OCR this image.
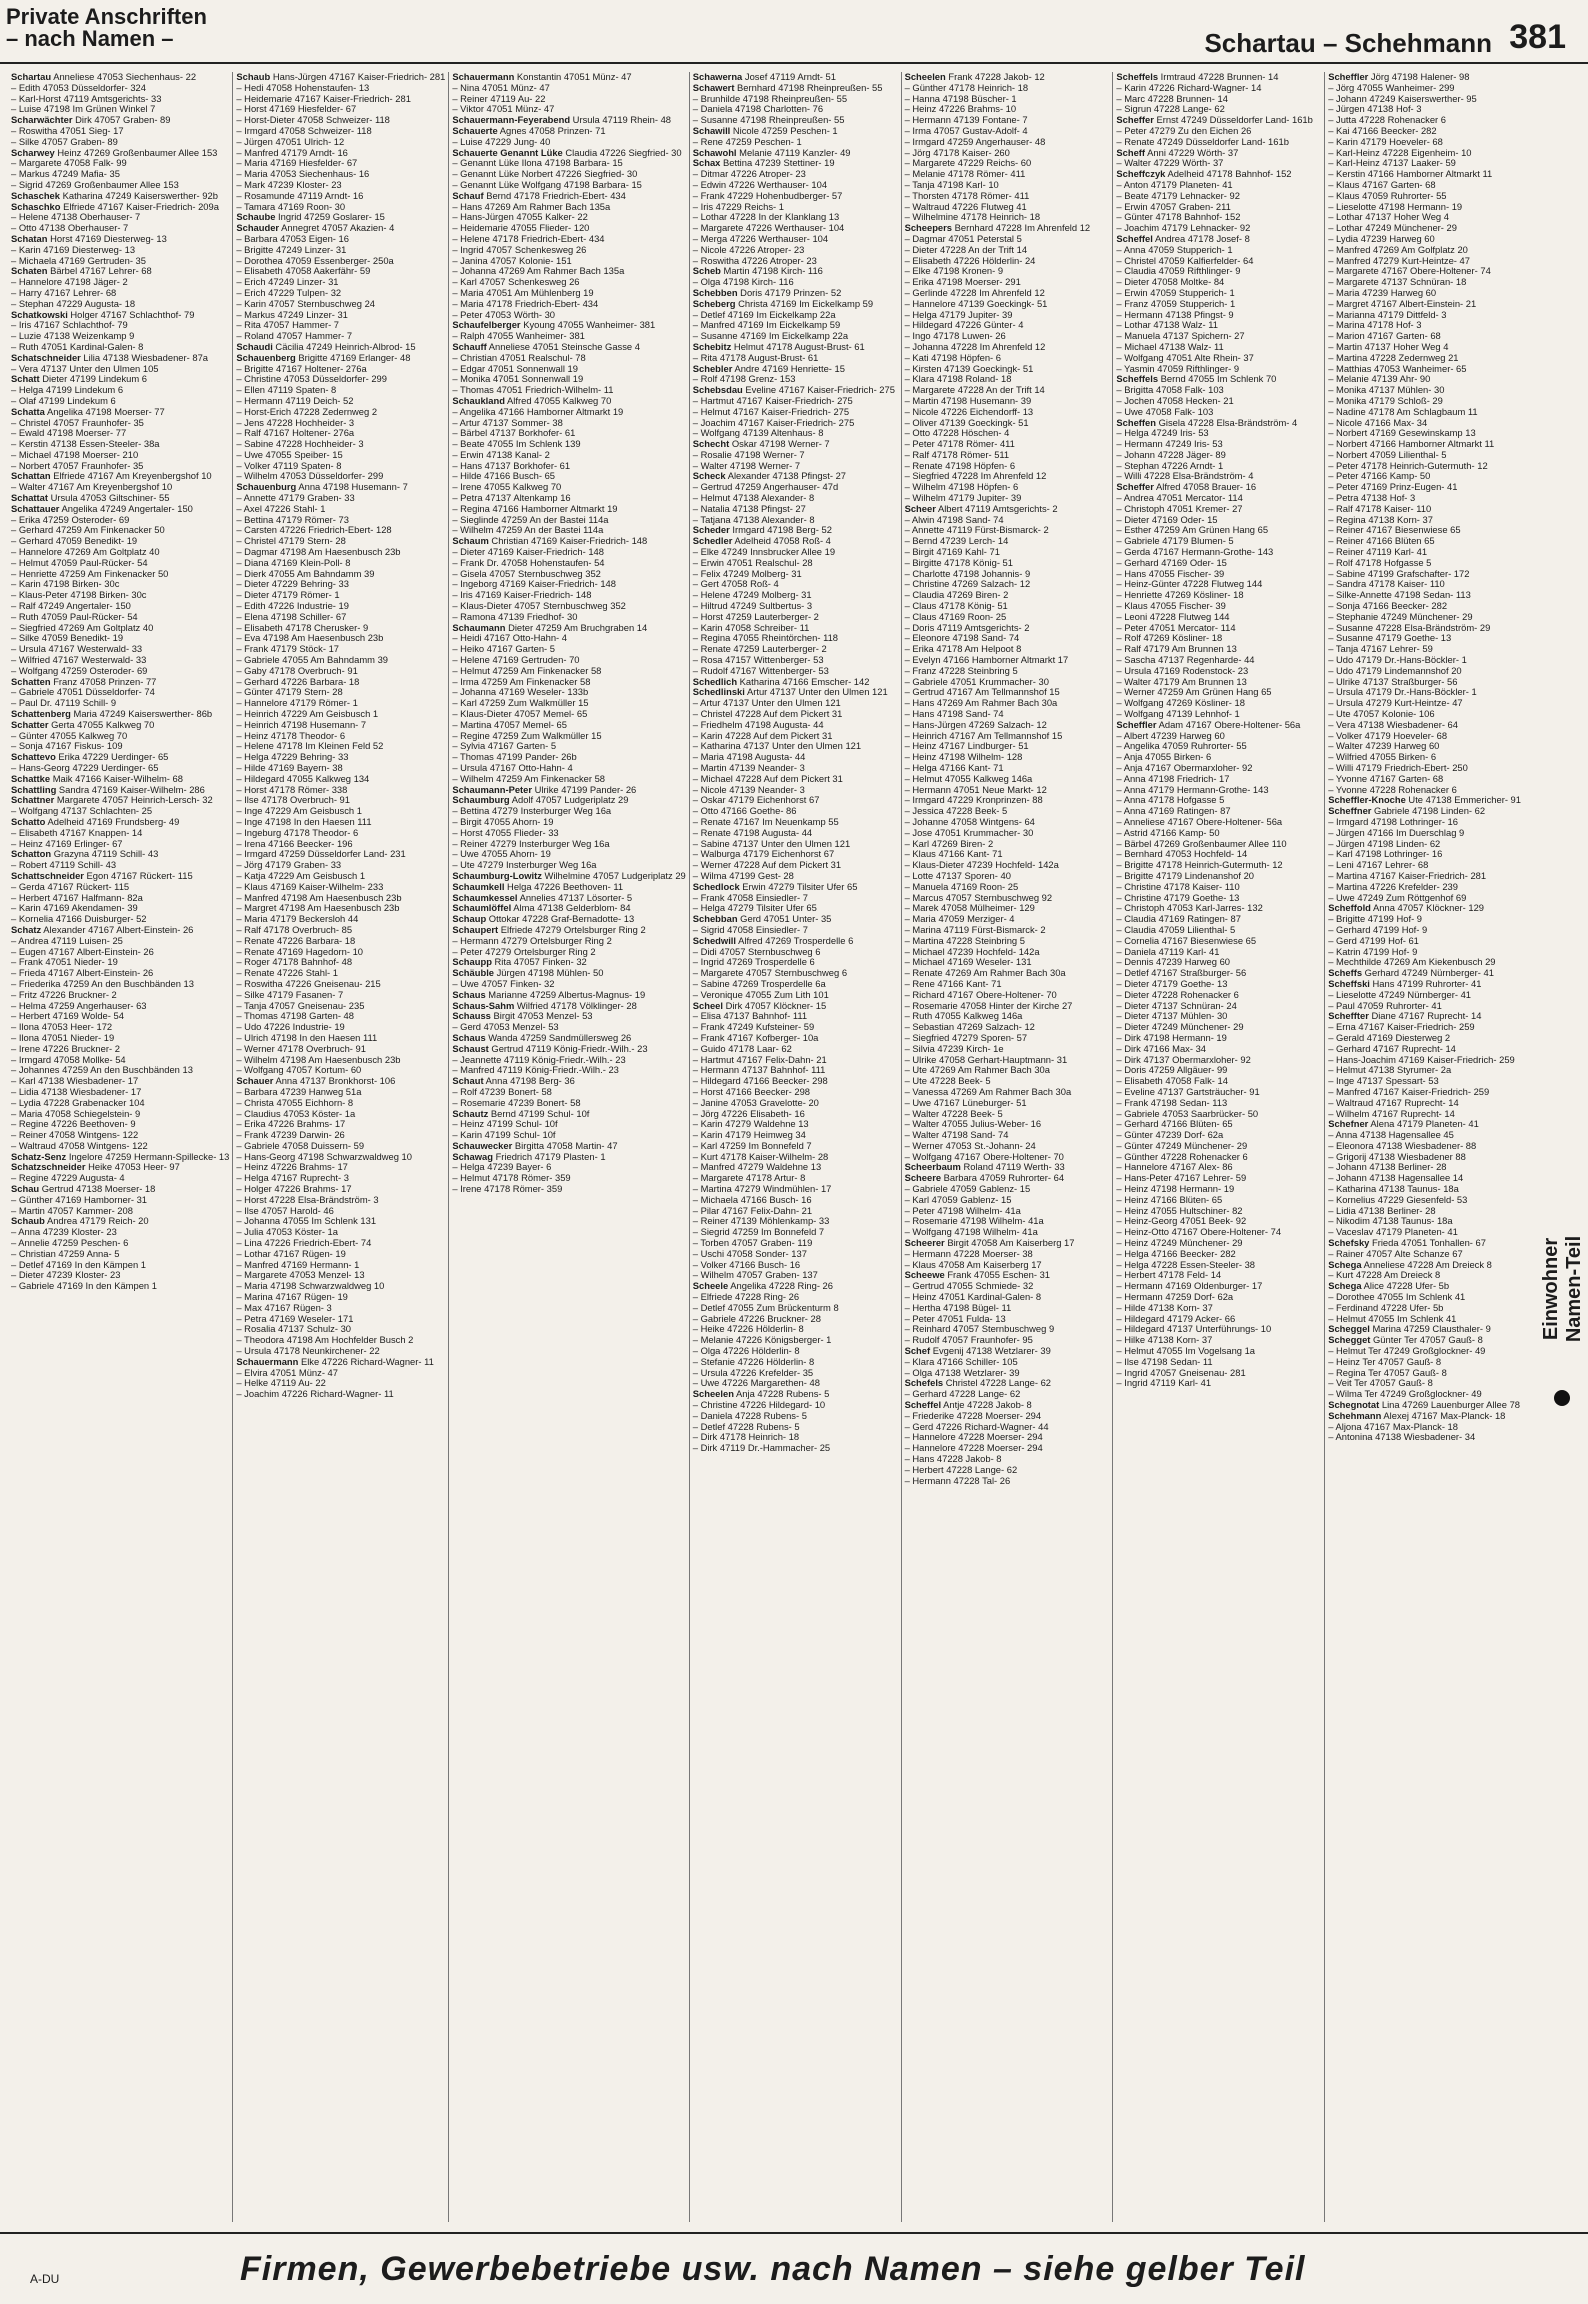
Private Anschriften
– nach Namen –	Schartau – Schehmann 381
Schartau Anneliese 47053 Siechenhaus- 22
– Edith 47053 Düsseldorfer- 324
– Karl-Horst 47119 Amtsgerichts- 33
– Luise 47198 Im Grünen Winkel 7
Scharwächter Dirk 47057 Graben- 89
– Roswitha 47051 Sieg- 17
– Silke 47057 Graben- 89
Scharwey Heinz 47269 Großenbaumer Allee 153
– Margarete 47058 Falk- 99
– Markus 47249 Mafia- 35
– Sigrid 47269 Großenbaumer Allee 153
Schaschek Katharina 47249 Kaiserswerther- 92b
Schaschko Elfriede 47167 Kaiser-Friedrich- 209a
– Helene 47138 Oberhauser- 7
– Otto 47138 Oberhauser- 7
Schatan Horst 47169 Diesterweg- 13
– Karin 47169 Diesterweg- 13
– Michaela 47169 Gertruden- 35
Schaten Bärbel 47167 Lehrer- 68
– Hannelore 47198 Jäger- 2
– Harry 47167 Lehrer- 68
– Stephan 47229 Augusta- 18
Schatkowski Holger 47167 Schlachthof- 79
– Iris 47167 Schlachthof- 79
– Luzie 47138 Weizenkamp 9
– Ruth 47051 Kardinal-Galen- 8
Schatschneider Lilia 47138 Wiesbadener- 87a
– Vera 47137 Unter den Ulmen 105
Schatt Dieter 47199 Lindekum 6
– Helga 47199 Lindekum 6
– Olaf 47199 Lindekum 6
Schatta Angelika 47198 Moerser- 77
– Christel 47057 Fraunhofer- 35
– Ewald 47198 Moerser- 77
– Kerstin 47138 Essen-Steeler- 38a
– Michael 47198 Moerser- 210
– Norbert 47057 Fraunhofer- 35
Schattan Elfriede 47167 Am Kreyenbergshof 10
– Walter 47167 Am Kreyenbergshof 10
Schattat Ursula 47053 Giltschiner- 55
Schattauer Angelika 47249 Angertaler- 150
– Erika 47259 Osteroder- 69
– Gerhard 47259 Am Finkenacker 50
– Gerhard 47059 Benedikt- 19
– Hannelore 47269 Am Goltplatz 40
– Helmut 47059 Paul-Rücker- 54
– Henriette 47259 Am Finkenacker 50
– Karin 47198 Birken- 30c
– Klaus-Peter 47198 Birken- 30c
– Ralf 47249 Angertaler- 150
– Ruth 47059 Paul-Rücker- 54
– Siegfried 47269 Am Goltplatz 40
– Silke 47059 Benedikt- 19
– Ursula 47167 Westerwald- 33
– Wilfried 47167 Westerwald- 33
– Wolfgang 47259 Osteroder- 69
Schatten Franz 47058 Prinzen- 77
– Gabriele 47051 Düsseldorfer- 74
– Paul Dr. 47119 Schill- 9
Schattenberg Maria 47249 Kaiserswerther- 86b
Schatter Gerta 47055 Kalkweg 70
– Günter 47055 Kalkweg 70
– Sonja 47167 Fiskus- 109
Schattevo Erika 47229 Uerdinger- 65
– Hans-Georg 47229 Uerdinger- 65
Schattke Maik 47166 Kaiser-Wilhelm- 68
Schattling Sandra 47169 Kaiser-Wilhelm- 286
Schattner Margarete 47057 Heinrich-Lersch- 32
– Wolfgang 47137 Schlachten- 25
Schatto Adelheid 47169 Frundsberg- 49
– Elisabeth 47167 Knappen- 14
– Heinz 47169 Erlinger- 67
Schatton Grazyna 47119 Schill- 43
– Robert 47119 Schill- 43
Schattschneider Egon 47167 Rückert- 115
– Gerda 47167 Rückert- 115
– Herbert 47167 Halfmann- 82a
– Karin 47169 Akendamen- 39
– Kornelia 47166 Duisburger- 52
Schatz Alexander 47167 Albert-Einstein- 26
– Andrea 47119 Luisen- 25
– Eugen 47167 Albert-Einstein- 26
– Frank 47051 Nieder- 19
– Frieda 47167 Albert-Einstein- 26
– Friederika 47259 An den Buschbänden 13
– Fritz 47226 Bruckner- 2
– Helma 47259 Angerhauser- 63
– Herbert 47169 Wolde- 54
– Ilona 47053 Heer- 172
– Ilona 47051 Nieder- 19
– Irene 47226 Bruckner- 2
– Irmgard 47058 Mollke- 54
– Johannes 47259 An den Buschbänden 13
– Karl 47138 Wiesbadener- 17
– Lidia 47138 Wiesbadener- 17
– Lydia 47228 Grabenacker 104
– Maria 47058 Schiegelstein- 9
– Regine 47226 Beethoven- 9
– Reiner 47058 Wintgens- 122
– Waltraud 47058 Wintgens- 122
Schatz-Senz Ingelore 47259 Hermann-Spillecke- 13
Schatzschneider Heike 47053 Heer- 97
– Regine 47229 Augusta- 4
Schau Gertrud 47138 Moerser- 18
– Günther 47169 Hamborner- 31
– Martin 47057 Kammer- 208
Schaub Andrea 47179 Reich- 20
– Anna 47239 Kloster- 23
– Annelie 47259 Peschen- 6
– Christian 47259 Anna- 5
– Detlef 47169 In den Kämpen 1
– Dieter 47239 Kloster- 23
– Gabriele 47169 In den Kämpen 1
Schaub Hans-Jürgen 47167 Kaiser-Friedrich- 281
– Hedi 47058 Hohenstaufen- 13
– Heidemarie 47167 Kaiser-Friedrich- 281
– Horst 47169 Hiesfelder- 67
– Horst-Dieter 47058 Schweizer- 118
– Irmgard 47058 Schweizer- 118
– Jürgen 47051 Ulrich- 12
– Manfred 47179 Arndt- 16
– Maria 47169 Hiesfelder- 67
– Maria 47053 Siechenhaus- 16
– Mark 47239 Kloster- 23
– Rosamunde 47119 Arndt- 16
– Tamara 47169 Roon- 30
Schaube Ingrid 47259 Goslarer- 15
Schauder Annegret 47057 Akazien- 4
– Barbara 47053 Eigen- 16
– Brigitte 47249 Linzer- 31
– Dorothea 47059 Essenberger- 250a
– Elisabeth 47058 Aakerfähr- 59
– Erich 47249 Linzer- 31
– Erich 47229 Tulpen- 32
– Karin 47057 Sternbuschweg 24
– Markus 47249 Linzer- 31
– Rita 47057 Hammer- 7
– Roland 47057 Hammer- 7
Schaudi Cäcilia 47249 Heinrich-Albrod- 15
Schauenberg Brigitte 47169 Erlanger- 48
– Brigitte 47167 Holtener- 276a
– Christine 47053 Düsseldorfer- 299
– Ellen 47119 Spaten- 8
– Hermann 47119 Deich- 52
– Horst-Erich 47228 Zedernweg 2
– Jens 47228 Hochheider- 3
– Ralf 47167 Holtener- 276a
– Sabine 47228 Hochheider- 3
– Uwe 47055 Speiber- 15
– Volker 47119 Spaten- 8
– Wilhelm 47053 Düsseldorfer- 299
Schauenburg Anna 47198 Husemann- 7
– Annette 47179 Graben- 33
– Axel 47226 Stahl- 1
– Bettina 47179 Römer- 73
– Carsten 47226 Friedrich-Ebert- 128
– Christel 47179 Stern- 28
– Dagmar 47198 Am Haesenbusch 23b
– Diana 47169 Klein-Poll- 8
– Dierk 47055 Am Bahndamm 39
– Dieter 47229 Behring- 33
– Dieter 47179 Römer- 1
– Edith 47226 Industrie- 19
– Elena 47198 Schiller- 67
– Elisabeth 47178 Cherusker- 9
– Eva 47198 Am Haesenbusch 23b
– Frank 47179 Stöck- 17
– Gabriele 47055 Am Bahndamm 39
– Gaby 47178 Overbruch- 91
– Gerhard 47226 Barbara- 18
– Günter 47179 Stern- 28
– Hannelore 47179 Römer- 1
– Heinrich 47229 Am Geisbusch 1
– Heinrich 47198 Husemann- 7
– Heinz 47178 Theodor- 6
– Helene 47178 Im Kleinen Feld 52
– Helga 47229 Behring- 33
– Hilde 47169 Bayern- 38
– Hildegard 47055 Kalkweg 134
– Horst 47178 Römer- 338
– Ilse 47178 Overbruch- 91
– Inge 47229 Am Geisbusch 1
– Inge 47198 In den Haesen 111
– Ingeburg 47178 Theodor- 6
– Irena 47166 Beecker- 196
– Irmgard 47259 Düsseldorfer Land- 231
– Jörg 47179 Graben- 33
– Katja 47229 Am Geisbusch 1
– Klaus 47169 Kaiser-Wilhelm- 233
– Manfred 47198 Am Haesenbusch 23b
– Margret 47198 Am Haesenbusch 23b
– Maria 47179 Beckersloh 44
– Ralf 47178 Overbruch- 85
– Renate 47226 Barbara- 18
– Renate 47169 Hagedorn- 10
– Roger 47178 Bahnhof- 48
– Renate 47226 Stahl- 1
– Roswitha 47226 Gneisenau- 215
– Silke 47179 Fasanen- 7
– Tanja 47057 Gneisenau- 235
– Thomas 47198 Garten- 48
– Udo 47226 Industrie- 19
– Ulrich 47198 In den Haesen 111
– Werner 47178 Overbruch- 91
– Wilhelm 47198 Am Haesenbusch 23b
– Wolfgang 47057 Kortum- 60
Schauer Anna 47137 Bronkhorst- 106
– Barbara 47239 Hanweg 51a
– Christa 47055 Eichhorn- 8
– Claudius 47053 Köster- 1a
– Erika 47226 Brahms- 17
– Frank 47239 Darwin- 26
– Gabriele 47058 Duissern- 59
– Hans-Georg 47198 Schwarzwaldweg 10
– Heinz 47226 Brahms- 17
– Helga 47167 Ruprecht- 3
– Holger 47226 Brahms- 17
– Horst 47228 Elsa-Brändström- 3
– Ilse 47057 Harold- 46
– Johanna 47055 Im Schlenk 131
– Julia 47053 Köster- 1a
– Lina 47226 Friedrich-Ebert- 74
– Lothar 47167 Rügen- 19
– Manfred 47169 Hermann- 1
– Margarete 47053 Menzel- 13
– Maria 47198 Schwarzwaldweg 10
– Marina 47167 Rügen- 19
– Max 47167 Rügen- 3
– Petra 47169 Weseler- 171
– Rosalia 47137 Schulz- 30
– Theodora 47198 Am Hochfelder Busch 2
– Ursula 47178 Neunkirchener- 22
Schauermann Elke 47226 Richard-Wagner- 11
– Elvira 47051 Münz- 47
– Helke 47119 Au- 22
– Joachim 47226 Richard-Wagner- 11
Schauermann Konstantin 47051 Münz- 47
– Nina 47051 Münz- 47
– Reiner 47119 Au- 22
– Viktor 47051 Münz- 47
Schauermann-Feyerabend Ursula 47119 Rhein- 48
Schauerte Agnes 47058 Prinzen- 71
– Luise 47229 Jung- 40
Schauerte Genannt Lüke Claudia 47226 Siegfried- 30
– Genannt Lüke Ilona 47198 Barbara- 15
– Genannt Lüke Norbert 47226 Siegfried- 30
– Genannt Lüke Wolfgang 47198 Barbara- 15
Schauf Bernd 47178 Friedrich-Ebert- 434
– Hans 47269 Am Rahmer Bach 135a
– Hans-Jürgen 47055 Kalker- 22
– Heidemarie 47055 Flieder- 120
– Helene 47178 Friedrich-Ebert- 434
– Ingrid 47057 Schenkesweg 26
– Janina 47057 Kolonie- 151
– Johanna 47269 Am Rahmer Bach 135a
– Karl 47057 Schenkesweg 26
– Maria 47051 Am Mühlenberg 19
– Maria 47178 Friedrich-Ebert- 434
– Peter 47053 Wörth- 30
Schaufelberger Kyoung 47055 Wanheimer- 381
– Ralph 47055 Wanheimer- 381
Schauff Anneliese 47051 Steinsche Gasse 4
– Christian 47051 Realschul- 78
– Edgar 47051 Sonnenwall 19
– Monika 47051 Sonnenwall 19
– Thomas 47051 Friedrich-Wilhelm- 11
Schaukland Alfred 47055 Kalkweg 70
– Angelika 47166 Hamborner Altmarkt 19
– Artur 47137 Sommer- 38
– Bärbel 47137 Borkhofer- 61
– Beate 47055 Im Schlenk 139
– Erwin 47138 Kanal- 2
– Hans 47137 Borkhofer- 61
– Hilde 47166 Busch- 65
– Irene 47055 Kalkweg 70
– Petra 47137 Altenkamp 16
– Regina 47166 Hamborner Altmarkt 19
– Sieglinde 47259 An der Bastei 114a
– Wilhelm 47259 An der Bastei 114a
Schaum Christian 47169 Kaiser-Friedrich- 148
– Dieter 47169 Kaiser-Friedrich- 148
– Frank Dr. 47058 Hohenstaufen- 54
– Gisela 47057 Sternbuschweg 352
– Ingeborg 47169 Kaiser-Friedrich- 148
– Iris 47169 Kaiser-Friedrich- 148
– Klaus-Dieter 47057 Sternbuschweg 352
– Ramona 47139 Friedhof- 30
Schaumann Dieter 47259 Am Bruchgraben 14
– Heidi 47167 Otto-Hahn- 4
– Heiko 47167 Garten- 5
– Helene 47169 Gertruden- 70
– Helmut 47259 Am Finkenacker 58
– Irma 47259 Am Finkenacker 58
– Johanna 47169 Weseler- 133b
– Karl 47259 Zum Walkmüller 15
– Klaus-Dieter 47057 Memel- 65
– Martina 47057 Memel- 65
– Regine 47259 Zum Walkmüller 15
– Sylvia 47167 Garten- 5
– Thomas 47199 Pander- 26b
– Ursula 47167 Otto-Hahn- 4
– Wilhelm 47259 Am Finkenacker 58
Schaumann-Peter Ulrike 47199 Pander- 26
Schaumburg Adolf 47057 Ludgeriplatz 29
– Bettina 47279 Insterburger Weg 16a
– Birgit 47055 Ahorn- 19
– Horst 47055 Flieder- 33
– Reiner 47279 Insterburger Weg 16a
– Uwe 47055 Ahorn- 19
– Ute 47279 Insterburger Weg 16a
Schaumburg-Lowitz Wilhelmine 47057 Ludgeriplatz 29
Schaumkell Helga 47226 Beethoven- 11
Schaumkessel Annelies 47137 Lösorter- 5
Schaumlöffel Alma 47138 Gelderblom- 84
Schaup Ottokar 47228 Graf-Bernadotte- 13
Schaupert Elfriede 47279 Ortelsburger Ring 2
– Hermann 47279 Ortelsburger Ring 2
– Peter 47279 Ortelsburger Ring 2
Schaupp Rita 47057 Finken- 32
Schäuble Jürgen 47198 Mühlen- 50
– Uwe 47057 Finken- 32
Schaus Marianne 47259 Albertus-Magnus- 19
Schaus-Sahm Wilfried 47178 Völklinger- 28
Schauss Birgit 47053 Menzel- 53
– Gerd 47053 Menzel- 53
Schaus Wanda 47259 Sandmüllersweg 26
Schaust Gertrud 47119 König-Friedr.-Wilh.- 23
– Jeannette 47119 König-Friedr.-Wilh.- 23
– Manfred 47119 König-Friedr.-Wilh.- 23
Schaut Anna 47198 Berg- 36
– Rolf 47239 Bonert- 58
– Rosemarie 47239 Bonert- 58
Schautz Bernd 47199 Schul- 10f
– Heinz 47199 Schul- 10f
– Karin 47199 Schul- 10f
Schauwecker Birgitta 47058 Martin- 47
Schawag Friedrich 47179 Plasten- 1
– Helga 47239 Bayer- 6
– Helmut 47178 Römer- 359
– Irene 47178 Römer- 359
Schawerna Josef 47119 Arndt- 51
Schawert Bernhard 47198 Rheinpreußen- 55
– Brunhilde 47198 Rheinpreußen- 55
– Daniela 47198 Charlotten- 76
– Susanne 47198 Rheinpreußen- 55
Schawill Nicole 47259 Peschen- 1
– Rene 47259 Peschen- 1
Schawohl Melanie 47119 Kanzler- 49
Schax Bettina 47239 Stettiner- 19
– Ditmar 47226 Atroper- 23
– Edwin 47226 Werthauser- 104
– Frank 47229 Hohenbudberger- 57
– Iris 47229 Reichs- 1
– Lothar 47228 In der Klanklang 13
– Margarete 47226 Werthauser- 104
– Merga 47226 Werthauser- 104
– Nicole 47226 Atroper- 23
– Roswitha 47226 Atroper- 23
Scheb Martin 47198 Kirch- 116
– Olga 47198 Kirch- 116
Schebben Doris 47179 Prinzen- 52
Scheberg Christa 47169 Im Eickelkamp 59
– Detlef 47169 Im Eickelkamp 22a
– Manfred 47169 Im Eickelkamp 59
– Susanne 47169 Im Eickelkamp 22a
Schebitz Helmut 47178 August-Brust- 61
– Rita 47178 August-Brust- 61
Schebler Andre 47169 Henriette- 15
– Rolf 47198 Grenz- 153
Schebsdau Eveline 47167 Kaiser-Friedrich- 275
– Hartmut 47167 Kaiser-Friedrich- 275
– Helmut 47167 Kaiser-Friedrich- 275
– Joachim 47167 Kaiser-Friedrich- 275
– Wolfgang 47139 Altenhaus- 8
Schecht Oskar 47198 Werner- 7
– Rosalie 47198 Werner- 7
– Walter 47198 Werner- 7
Scheck Alexander 47138 Pfingst- 27
– Gertrud 47259 Angerhauser- 47d
– Helmut 47138 Alexander- 8
– Natalia 47138 Pfingst- 27
– Tatjana 47138 Alexander- 8
Scheder Irmgard 47198 Berg- 52
Schedler Adelheid 47058 Roß- 4
– Elke 47249 Innsbrucker Allee 19
– Erwin 47051 Realschul- 28
– Felix 47249 Molberg- 31
– Gert 47058 Roß- 4
– Helene 47249 Molberg- 31
– Hiltrud 47249 Sultbertus- 3
– Horst 47259 Lauterberger- 2
– Karin 47058 Schreiber- 11
– Regina 47055 Rheintörchen- 118
– Renate 47259 Lauterberger- 2
– Rosa 47157 Wittenberger- 53
– Rudolf 47167 Wittenberger- 53
Schedlich Katharina 47166 Emscher- 142
Schedlinski Artur 47137 Unter den Ulmen 121
– Artur 47137 Unter den Ulmen 121
– Christel 47228 Auf dem Pickert 31
– Friedhelm 47198 Augusta- 44
– Karin 47228 Auf dem Pickert 31
– Katharina 47137 Unter den Ulmen 121
– Maria 47198 Augusta- 44
– Martin 47139 Neander- 3
– Michael 47228 Auf dem Pickert 31
– Nicole 47139 Neander- 3
– Oskar 47179 Eichenhorst 67
– Otto 47166 Goethe- 86
– Renate 47167 Im Neuenkamp 55
– Renate 47198 Augusta- 44
– Sabine 47137 Unter den Ulmen 121
– Walburga 47179 Eichenhorst 67
– Werner 47228 Auf dem Pickert 31
– Wilma 47199 Gest- 28
Schedlock Erwin 47279 Tilsiter Ufer 65
– Frank 47058 Einsiedler- 7
– Helga 47279 Tilsiter Ufer 65
Schebban Gerd 47051 Unter- 35
– Sigrid 47058 Einsiedler- 7
Schedwill Alfred 47269 Trosperdelle 6
– Didi 47057 Sternbuschweg 6
– Ingrid 47269 Trosperdelle 6
– Margarete 47057 Sternbuschweg 6
– Sabine 47269 Trosperdelle 6a
– Veronique 47055 Zum Lith 101
Scheel Dirk 47057 Klöckner- 15
– Elisa 47137 Bahnhof- 111
– Frank 47249 Kufsteiner- 59
– Frank 47167 Kofberger- 10a
– Guido 47178 Laar- 62
– Hartmut 47167 Felix-Dahn- 21
– Hermann 47137 Bahnhof- 111
– Hildegard 47166 Beecker- 298
– Horst 47166 Beecker- 298
– Janine 47053 Gravelotte- 20
– Jörg 47226 Elisabeth- 16
– Karin 47279 Waldehne 13
– Karin 47179 Heimweg 34
– Karl 47259 Im Bonnefeld 7
– Kurt 47178 Kaiser-Wilhelm- 28
– Manfred 47279 Waldehne 13
– Margarete 47178 Artur- 8
– Martina 47279 Windmühlen- 17
– Michaela 47166 Busch- 16
– Pilar 47167 Felix-Dahn- 21
– Reiner 47139 Möhlenkamp- 33
– Siegrid 47259 Im Bonnefeld 7
– Torben 47057 Graben- 119
– Uschi 47058 Sonder- 137
– Volker 47166 Busch- 16
– Wilhelm 47057 Graben- 137
Scheele Angelika 47228 Ring- 26
– Elfriede 47228 Ring- 26
– Detlef 47055 Zum Brückenturm 8
– Gabriele 47226 Bruckner- 28
– Heike 47226 Hölderlin- 8
– Melanie 47226 Königsberger- 1
– Olga 47226 Hölderlin- 8
– Stefanie 47226 Hölderlin- 8
– Ursula 47226 Krefelder- 35
– Uwe 47226 Margarethen- 48
Scheelen Anja 47228 Rubens- 5
– Christine 47226 Hildegard- 10
– Daniela 47228 Rubens- 5
– Detlef 47228 Rubens- 5
– Dirk 47178 Heinrich- 18
– Dirk 47119 Dr.-Hammacher- 25
Scheelen Frank 47228 Jakob- 12
– Günther 47178 Heinrich- 18
– Hanna 47198 Büscher- 1
– Heinz 47226 Brahms- 10
– Hermann 47139 Fontane- 7
– Irma 47057 Gustav-Adolf- 4
– Irmgard 47259 Angerhauser- 48
– Jörg 47178 Kaiser- 260
– Margarete 47229 Reichs- 60
– Melanie 47178 Römer- 411
– Tanja 47198 Karl- 10
– Thorsten 47178 Römer- 411
– Waltraud 47226 Flutweg 41
– Wilhelmine 47178 Heinrich- 18
Scheepers Bernhard 47228 Im Ahrenfeld 12
– Dagmar 47051 Peterstal 5
– Dieter 47228 An der Trift 14
– Elisabeth 47226 Hölderlin- 24
– Elke 47198 Kronen- 9
– Erika 47198 Moerser- 291
– Gerlinde 47228 Im Ahrenfeld 12
– Hannelore 47139 Goeckingk- 51
– Helga 47179 Jupiter- 39
– Hildegard 47226 Günter- 4
– Ingo 47178 Luwen- 26
– Johanna 47228 Im Ahrenfeld 12
– Kati 47198 Höpfen- 6
– Kirsten 47139 Goeckingk- 51
– Klara 47198 Roland- 18
– Margarete 47228 An der Trift 14
– Martin 47198 Husemann- 39
– Nicole 47226 Eichendorff- 13
– Oliver 47139 Goeckingk- 51
– Otto 47228 Höschen- 4
– Peter 47178 Römer- 411
– Ralf 47178 Römer- 511
– Renate 47198 Höpfen- 6
– Siegfried 47228 Im Ahrenfeld 12
– Wilhelm 47198 Höpfen- 6
– Wilhelm 47179 Jupiter- 39
Scheer Albert 47119 Amtsgerichts- 2
– Alwin 47198 Sand- 74
– Annette 47119 Fürst-Bismarck- 2
– Bernd 47239 Lerch- 14
– Birgit 47169 Kahl- 71
– Birgitte 47178 König- 51
– Charlotte 47198 Johannis- 9
– Christine 47269 Salzach- 12
– Claudia 47269 Biren- 2
– Claus 47178 König- 51
– Claus 47169 Roon- 25
– Doris 47119 Amtsgerichts- 2
– Eleonore 47198 Sand- 74
– Erika 47178 Am Helpoot 8
– Evelyn 47166 Hamborner Altmarkt 17
– Franz 47228 Steinbring 5
– Gabriele 47051 Krummacher- 30
– Gertrud 47167 Am Tellmannshof 15
– Hans 47269 Am Rahmer Bach 30a
– Hans 47198 Sand- 74
– Hans-Jürgen 47269 Salzach- 12
– Heinrich 47167 Am Tellmannshof 15
– Heinz 47167 Lindburger- 51
– Heinz 47198 Wilhelm- 128
– Helga 47166 Kant- 71
– Helmut 47055 Kalkweg 146a
– Hermann 47051 Neue Markt- 12
– Irmgard 47229 Kronprinzen- 88
– Jessica 47228 Beek- 5
– Johanne 47058 Wintgens- 64
– Jose 47051 Krummacher- 30
– Karl 47269 Biren- 2
– Klaus 47166 Kant- 71
– Klaus-Dieter 47239 Hochfeld- 142a
– Lotte 47137 Sporen- 40
– Manuela 47169 Roon- 25
– Marcus 47057 Sternbuschweg 92
– Marek 47058 Mülheimer- 129
– Maria 47059 Merziger- 4
– Marina 47119 Fürst-Bismarck- 2
– Martina 47228 Steinbring 5
– Michael 47239 Hochfeld- 142a
– Michael 47169 Weseler- 131
– Renate 47269 Am Rahmer Bach 30a
– Rene 47166 Kant- 71
– Richard 47167 Obere-Holtener- 70
– Rosemarie 47058 Hinter der Kirche 27
– Ruth 47055 Kalkweg 146a
– Sebastian 47269 Salzach- 12
– Siegfried 47279 Sporen- 57
– Silvia 47239 Kirch- 1e
– Ulrike 47058 Gerhart-Hauptmann- 31
– Ute 47269 Am Rahmer Bach 30a
– Ute 47228 Beek- 5
– Vanessa 47269 Am Rahmer Bach 30a
– Uwe 47167 Lüneburger- 51
– Walter 47228 Beek- 5
– Walter 47055 Julius-Weber- 16
– Walter 47198 Sand- 74
– Werner 47053 St.-Johann- 24
– Wolfgang 47167 Obere-Holtener- 70
Scheerbaum Roland 47119 Werth- 33
Scheere Barbara 47059 Ruhrorter- 64
– Gabriele 47059 Gablenz- 15
– Karl 47059 Gablenz- 15
– Peter 47198 Wilhelm- 41a
– Rosemarie 47198 Wilhelm- 41a
– Wolfgang 47198 Wilhelm- 41a
Scheerer Birgit 47058 Am Kaiserberg 17
– Hermann 47228 Moerser- 38
– Klaus 47058 Am Kaiserberg 17
Scheewe Frank 47055 Eschen- 31
– Gertrud 47055 Schmiede- 32
– Heinz 47051 Kardinal-Galen- 8
– Hertha 47198 Bügel- 11
– Peter 47051 Fulda- 13
– Reinhard 47057 Sternbuschweg 9
– Rudolf 47057 Fraunhofer- 95
Schef Evgenij 47138 Wetzlarer- 39
– Klara 47166 Schiller- 105
– Olga 47138 Wetzlarer- 39
Schefels Christel 47228 Lange- 62
– Gerhard 47228 Lange- 62
Scheffel Antje 47228 Jakob- 8
– Friederike 47228 Moerser- 294
– Gerd 47226 Richard-Wagner- 44
– Hannelore 47228 Moerser- 294
– Hannelore 47228 Moerser- 294
– Hans 47228 Jakob- 8
– Herbert 47228 Lange- 62
– Hermann 47228 Tal- 26
Scheffels Irmtraud 47228 Brunnen- 14
– Karin 47226 Richard-Wagner- 14
– Marc 47228 Brunnen- 14
– Sigrun 47228 Lange- 62
Scheffer Ernst 47249 Düsseldorfer Land- 161b
– Peter 47279 Zu den Eichen 26
– Renate 47249 Düsseldorfer Land- 161b
Scheff Anni 47229 Wörth- 37
– Walter 47229 Wörth- 37
Scheffczyk Adelheid 47178 Bahnhof- 152
– Anton 47179 Planeten- 41
– Beate 47179 Lehnacker- 92
– Erwin 47057 Graben- 211
– Günter 47178 Bahnhof- 152
– Joachim 47179 Lehnacker- 92
Scheffel Andrea 47178 Josef- 8
– Anna 47059 Stupperich- 1
– Christel 47059 Kalfierfelder- 64
– Claudia 47059 Rifthlinger- 9
– Dieter 47058 Moltke- 84
– Erwin 47059 Stupperich- 1
– Franz 47059 Stupperich- 1
– Hermann 47138 Pfingst- 9
– Lothar 47138 Walz- 11
– Manuela 47137 Spichern- 27
– Michael 47138 Walz- 11
– Wolfgang 47051 Alte Rhein- 37
– Yasmin 47059 Rifthlinger- 9
Scheffels Bernd 47055 Im Schlenk 70
– Brigitta 47058 Falk- 103
– Jochen 47058 Hecken- 21
– Uwe 47058 Falk- 103
Scheffen Gisela 47228 Elsa-Brändström- 4
– Helga 47249 Iris- 53
– Hermann 47249 Iris- 53
– Johann 47228 Jäger- 89
– Stephan 47226 Arndt- 1
– Willi 47228 Elsa-Brändström- 4
Scheffer Alfred 47058 Brauer- 16
– Andrea 47051 Mercator- 114
– Christoph 47051 Kremer- 27
– Dieter 47169 Oder- 15
– Esther 47259 Am Grünen Hang 65
– Gabriele 47179 Blumen- 5
– Gerda 47167 Hermann-Grothe- 143
– Gerhard 47169 Oder- 15
– Hans 47055 Fischer- 39
– Heinz-Günter 47228 Flutweg 144
– Henriette 47269 Kösliner- 18
– Klaus 47055 Fischer- 39
– Leoni 47228 Flutweg 144
– Peter 47051 Mercator- 114
– Rolf 47269 Kösliner- 18
– Ralf 47179 Am Brunnen 13
– Sascha 47137 Regenharde- 44
– Ursula 47169 Rodenstock- 23
– Walter 47179 Am Brunnen 13
– Werner 47259 Am Grünen Hang 65
– Wolfgang 47269 Kösliner- 18
– Wolfgang 47139 Lehnhof- 1
Scheffler Adam 47167 Obere-Holtener- 56a
– Albert 47239 Harweg 60
– Angelika 47059 Ruhrorter- 55
– Anja 47055 Birken- 6
– Anja 47167 Obermarxloher- 92
– Anna 47198 Friedrich- 17
– Anna 47179 Hermann-Grothe- 143
– Anna 47178 Hofgasse 5
– Anna 47169 Ratingen- 87
– Anneliese 47167 Obere-Holtener- 56a
– Astrid 47166 Kamp- 50
– Bärbel 47269 Großenbaumer Allee 110
– Bernhard 47053 Hochfeld- 14
– Brigitte 47178 Heinrich-Gutermuth- 12
– Brigitte 47179 Lindenanshof 20
– Christine 47178 Kaiser- 110
– Christine 47179 Goethe- 13
– Christoph 47053 Karl-Jarres- 132
– Claudia 47169 Ratingen- 87
– Claudia 47059 Lilienthal- 5
– Cornelia 47167 Biesenwiese 65
– Daniela 47119 Karl- 41
– Dennis 47239 Harweg 60
– Detlef 47167 Straßburger- 56
– Dieter 47179 Goethe- 13
– Dieter 47228 Rohenacker 6
– Dieter 47137 Schnüran- 24
– Dieter 47137 Mühlen- 30
– Dieter 47249 Münchener- 29
– Dirk 47198 Hermann- 19
– Dirk 47166 Max- 34
– Dirk 47137 Obermarxloher- 92
– Doris 47259 Allgäuer- 99
– Elisabeth 47058 Falk- 14
– Eveline 47137 Gartsträucher- 91
– Frank 47198 Sedan- 113
– Gabriele 47053 Saarbrücker- 50
– Gerhard 47166 Blüten- 65
– Günter 47239 Dorf- 62a
– Günter 47249 Münchener- 29
– Günther 47228 Rohenacker 6
– Hannelore 47167 Alex- 86
– Hans-Peter 47167 Lehrer- 59
– Heinz 47198 Hermann- 19
– Heinz 47166 Blüten- 65
– Heinz 47055 Hultschiner- 82
– Heinz-Georg 47051 Beek- 92
– Heinz-Otto 47167 Obere-Holtener- 74
– Heinz 47249 Münchener- 29
– Helga 47166 Beecker- 282
– Helga 47228 Essen-Steeler- 38
– Herbert 47178 Feld- 14
– Hermann 47169 Oldenburger- 17
– Hermann 47259 Dorf- 62a
– Hilde 47138 Korn- 37
– Hildegard 47179 Acker- 66
– Hildegard 47137 Unterführungs- 10
– Hilke 47138 Korn- 37
– Helmut 47055 Im Vogelsang 1a
– Ilse 47198 Sedan- 11
– Ingrid 47057 Gneisenau- 281
– Ingrid 47119 Karl- 41
Scheffler Jörg 47198 Halener- 98
– Jörg 47055 Wanheimer- 299
– Johann 47249 Kaiserswerther- 95
– Jürgen 47138 Hof- 3
– Jutta 47228 Rohenacker 6
– Kai 47166 Beecker- 282
– Karin 47179 Hoeveler- 68
– Karl-Heinz 47228 Eigenheim- 10
– Karl-Heinz 47137 Laaker- 59
– Kerstin 47166 Hamborner Altmarkt 11
– Klaus 47167 Garten- 68
– Klaus 47059 Ruhrorter- 55
– Lieselotte 47198 Hermann- 19
– Lothar 47137 Hoher Weg 4
– Lothar 47249 Münchener- 29
– Lydia 47239 Harweg 60
– Manfred 47269 Am Golfplatz 20
– Manfred 47279 Kurt-Heintze- 47
– Margarete 47167 Obere-Holtener- 74
– Margarete 47137 Schnüran- 18
– Maria 47239 Harweg 60
– Margret 47167 Albert-Einstein- 21
– Marianna 47179 Dittfeld- 3
– Marina 47178 Hof- 3
– Marion 47167 Garten- 68
– Martin 47137 Hoher Weg 4
– Martina 47228 Zedernweg 21
– Matthias 47053 Wanheimer- 65
– Melanie 47139 Ahr- 90
– Monika 47137 Mühlen- 30
– Monika 47179 Schloß- 29
– Nadine 47178 Am Schlagbaum 11
– Nicole 47166 Max- 34
– Norbert 47169 Gesewinskamp 13
– Norbert 47166 Hamborner Altmarkt 11
– Norbert 47059 Lilienthal- 5
– Peter 47178 Heinrich-Gutermuth- 12
– Peter 47166 Kamp- 50
– Peter 47169 Prinz-Eugen- 41
– Petra 47138 Hof- 3
– Ralf 47178 Kaiser- 110
– Regina 47138 Korn- 37
– Reiner 47167 Biesenwiese 65
– Reiner 47166 Blüten 65
– Reiner 47119 Karl- 41
– Rolf 47178 Hofgasse 5
– Sabine 47199 Grafschafter- 172
– Sandra 47178 Kaiser- 110
– Silke-Annette 47198 Sedan- 113
– Sonja 47166 Beecker- 282
– Stephanie 47249 Münchener- 29
– Susanne 47228 Elsa-Brändström- 29
– Susanne 47179 Goethe- 13
– Tanja 47167 Lehrer- 59
– Udo 47179 Dr.-Hans-Böckler- 1
– Udo 47179 Lindemannshof 20
– Ulrike 47137 Straßburger- 56
– Ursula 47179 Dr.-Hans-Böckler- 1
– Ursula 47279 Kurt-Heintze- 47
– Ute 47057 Kolonie- 106
– Vera 47138 Wiesbadener- 64
– Volker 47179 Hoeveler- 68
– Walter 47239 Harweg 60
– Wilfried 47055 Birken- 6
– Willi 47179 Friedrich-Ebert- 250
– Yvonne 47167 Garten- 68
– Yvonne 47228 Rohenacker 6
Scheffler-Knoche Ute 47138 Emmericher- 91
Scheffner Gabriele 47198 Linden- 62
– Irmgard 47198 Lothringer- 16
– Jürgen 47166 Im Duerschlag 9
– Jürgen 47198 Linden- 62
– Karl 47198 Lothringer- 16
– Leni 47167 Lehrer- 68
– Martina 47167 Kaiser-Friedrich- 281
– Martina 47226 Krefelder- 239
– Uwe 47249 Zum Röttgenhof 69
Scheffold Anna 47057 Klöckner- 129
– Brigitte 47199 Hof- 9
– Gerhard 47199 Hof- 9
– Gerd 47199 Hof- 61
– Katrin 47199 Hof- 9
– Mechthilde 47269 Am Kiekenbusch 29
Scheffs Gerhard 47249 Nürnberger- 41
Scheffski Hans 47199 Ruhrorter- 41
– Lieselotte 47249 Nürnberger- 41
– Paul 47059 Ruhrorter- 41
Scheffter Diane 47167 Ruprecht- 14
– Erna 47167 Kaiser-Friedrich- 259
– Gerald 47169 Diesterweg 2
– Gerhard 47167 Ruprecht- 14
– Hans-Joachim 47169 Kaiser-Friedrich- 259
– Helmut 47138 Styrumer- 2a
– Inge 47137 Spessart- 53
– Manfred 47167 Kaiser-Friedrich- 259
– Waltraud 47167 Ruprecht- 14
– Wilhelm 47167 Ruprecht- 14
Schefner Alena 47179 Planeten- 41
– Anna 47138 Hagensallee 45
– Eleonora 47138 Wiesbadener- 88
– Grigorij 47138 Wiesbadener 88
– Johann 47138 Berliner- 28
– Johann 47138 Hagensallee 14
– Katharina 47138 Taunus- 18a
– Kornelius 47229 Giesenfeld- 53
– Lidia 47138 Berliner- 28
– Nikodim 47138 Taunus- 18a
– Vaceslav 47179 Planeten- 41
Schefsky Frieda 47051 Tonhallen- 67
– Rainer 47057 Alte Schanze 67
Schega Anneliese 47228 Am Dreieck 8
– Kurt 47228 Am Dreieck 8
Schega Alice 47228 Ufer- 5b
– Dorothee 47055 Im Schlenk 41
– Ferdinand 47228 Ufer- 5b
– Helmut 47055 Im Schlenk 41
Scheggel Marina 47259 Clausthaler- 9
Schegget Günter Ter 47057 Gauß- 8
– Helmut Ter 47249 Großglockner- 49
– Heinz Ter 47057 Gauß- 8
– Regina Ter 47057 Gauß- 8
– Veit Ter 47057 Gauß- 8
– Wilma Ter 47249 Großglockner- 49
Schegnotat Lina 47269 Lauenburger Allee 78
Schehmann Alexej 47167 Max-Planck- 18
– Aljona 47167 Max-Planck- 18
– Antonina 47138 Wiesbadener- 34
Einwohner
Namen-Teil
A-DU	Firmen, Gewerbebetriebe usw. nach Namen – siehe gelber Teil
